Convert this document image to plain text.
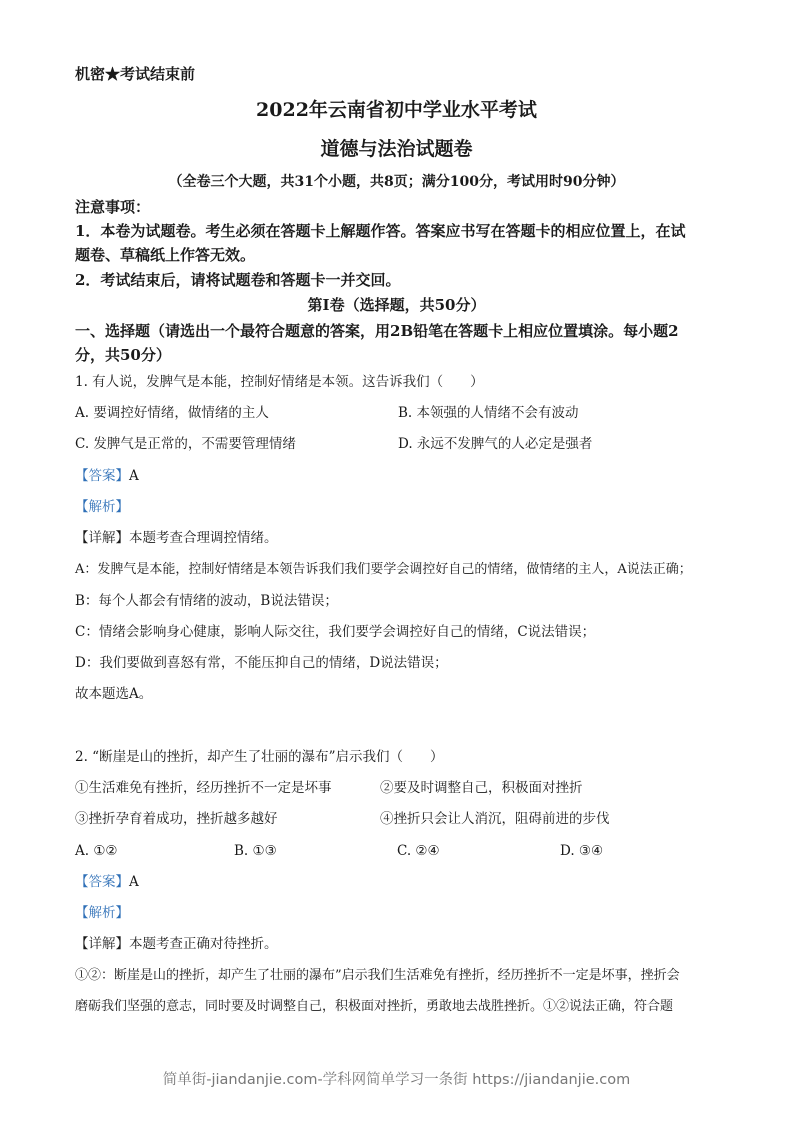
机密★考试结束前
2022年云南省初中学业水平考试
道德与法治试题卷
（全卷三个大题，共31个小题，共8页；满分100分，考试用时90分钟）
注意事项：
1．本卷为试题卷。考生必须在答题卡上解题作答。答案应书写在答题卡的相应位置上，在试
题卷、草稿纸上作答无效。
2．考试结束后，请将试题卷和答题卡一并交回。
第I卷（选择题，共50分）
一、选择题（请选出一个最符合题意的答案，用2B铅笔在答题卡上相应位置填涂。每小题2
分，共50分）
1. 有人说，发脾气是本能，控制好情绪是本领。这告诉我们（　　）
A. 要调控好情绪，做情绪的主人	B. 本领强的人情绪不会有波动
C. 发脾气是正常的，不需要管理情绪	D. 永远不发脾气的人必定是强者
【答案】A
【解析】
【详解】本题考查合理调控情绪。
A：发脾气是本能，控制好情绪是本领告诉我们我们要学会调控好自己的情绪，做情绪的主人，A说法正确；
B：每个人都会有情绪的波动，B说法错误；
C：情绪会影响身心健康，影响人际交往，我们要学会调控好自己的情绪，C说法错误；
D：我们要做到喜怒有常，不能压抑自己的情绪，D说法错误；
故本题选A。
2. “断崖是山的挫折，却产生了壮丽的瀑布”启示我们（　　）
①生活难免有挫折，经历挫折不一定是坏事	②要及时调整自己，积极面对挫折
③挫折孕育着成功，挫折越多越好	④挫折只会让人消沉，阻碍前进的步伐
A. ①②	B. ①③	C. ②④	D. ③④
【答案】A
【解析】
【详解】本题考查正确对待挫折。
①②：断崖是山的挫折，却产生了壮丽的瀑布”启示我们生活难免有挫折，经历挫折不一定是坏事，挫折会
磨砺我们坚强的意志，同时要及时调整自己，积极面对挫折，勇敢地去战胜挫折。①②说法正确，符合题
简单街-jiandanjie.com-学科网简单学习一条街 https://jiandanjie.com
